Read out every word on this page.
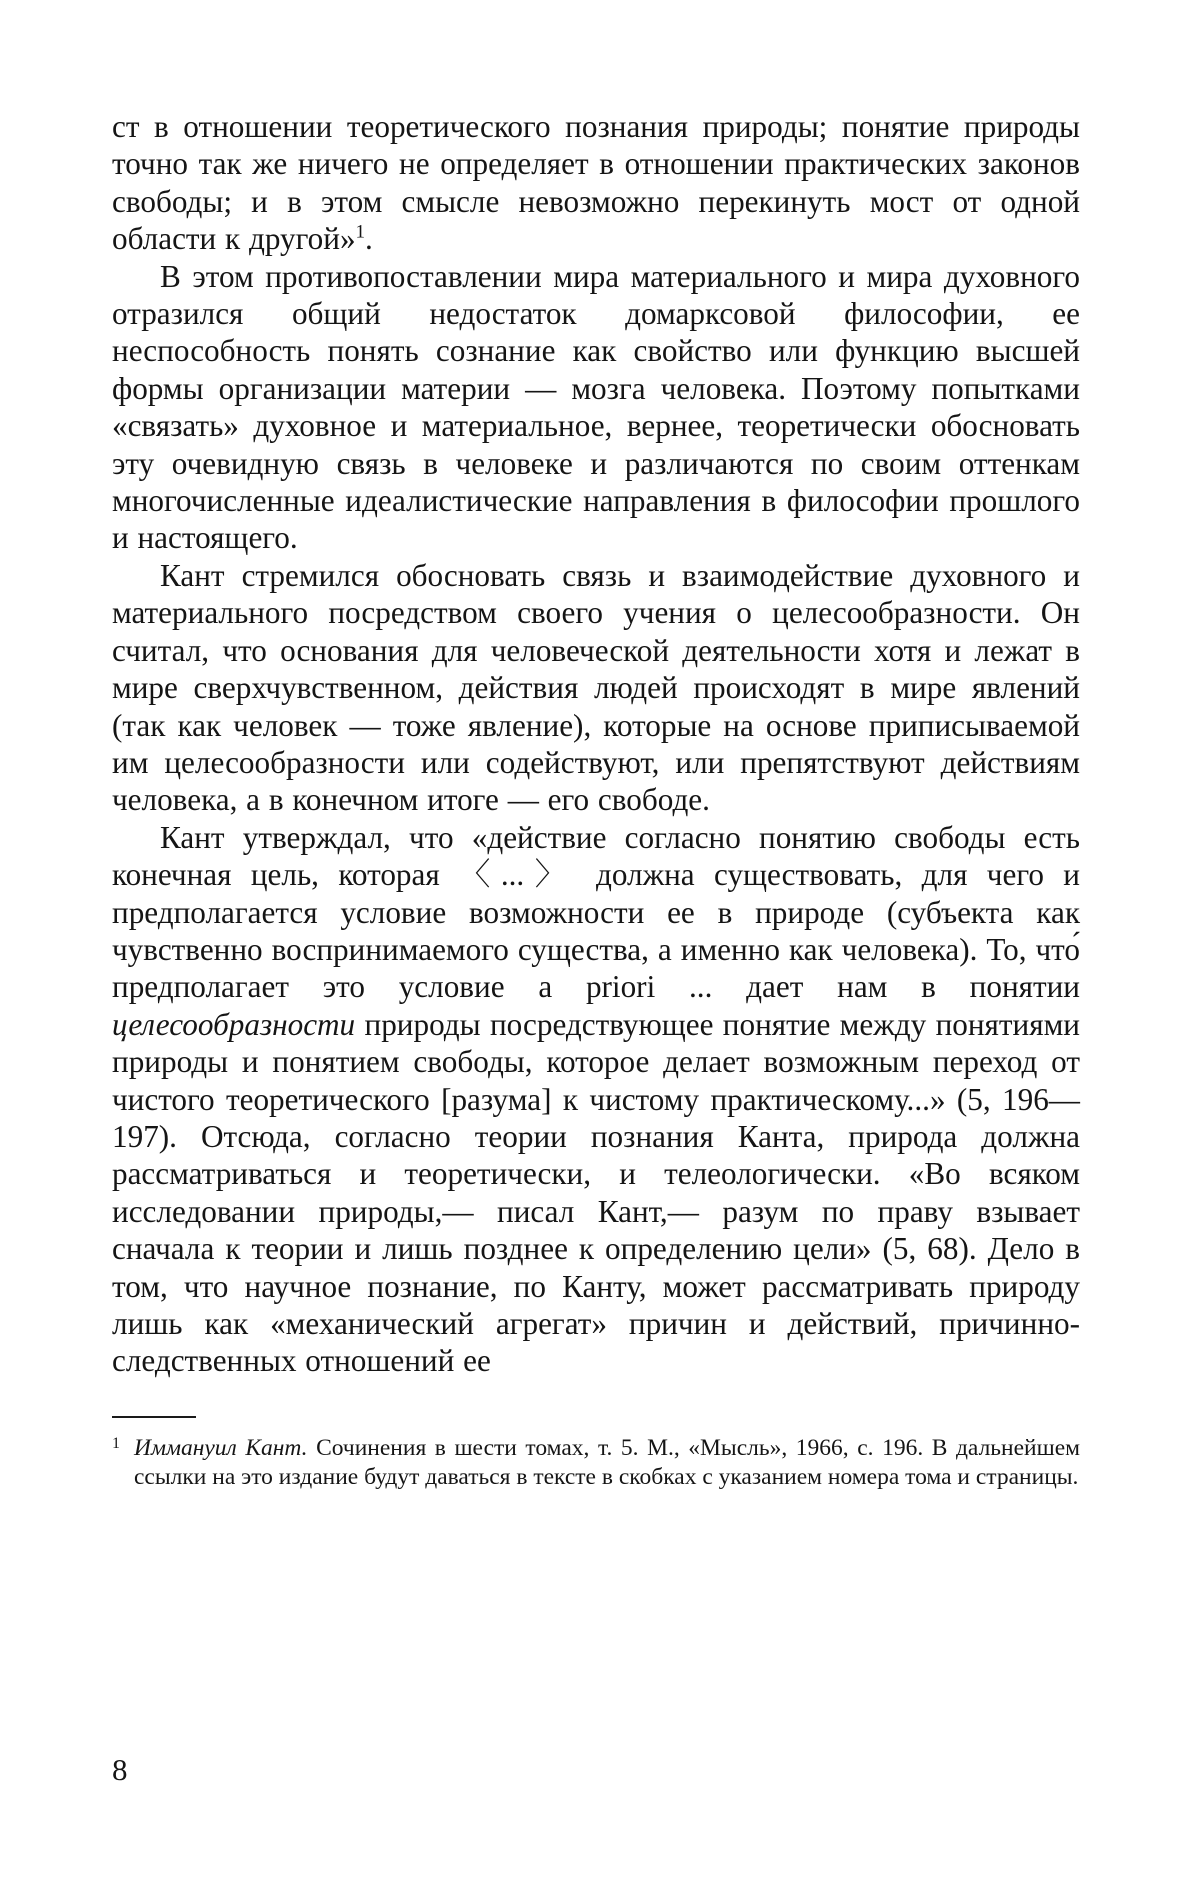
ст в отношении теоретического познания природы; понятие природы точно так же ничего не определяет в отношении практических законов свободы; и в этом смысле невозможно перекинуть мост от одной области к другой»$^1$.

В этом противопоставлении мира материального и мира духовного отразился общий недостаток домарксовой философии, ее неспособность понять сознание как свойство или функцию высшей формы организации материи — мозга человека. Поэтому попытками «связать» духовное и материальное, вернее, теоретически обосновать эту очевидную связь в человеке и различаются по своим оттенкам многочисленные идеалистические направления в философии прошлого и настоящего.

Кант стремился обосновать связь и взаимодействие духовного и материального посредством своего учения о целесообразности. Он считал, что основания для человеческой деятельности хотя и лежат в мире сверхчувственном, действия людей происходят в мире явлений (так как человек — тоже явление), которые на основе приписываемой им целесообразности или содействуют, или препятствуют действиям человека, а в конечном итоге — его свободе.

Кант утверждал, что «действие согласно понятию свободы есть конечная цель, которая 〈...〉 должна существовать, для чего и предполагается условие возможности ее в природе (субъекта как чувственно воспринимаемого существа, а именно как человека). То, что́ предполагает это условие a priori ... дает нам в понятии целесообразности природы посредствующее понятие между понятиями природы и понятием свободы, которое делает возможным переход от чистого теоретического [разума] к чистому практическому...» (5, 196—197). Отсюда, согласно теории познания Канта, природа должна рассматриваться и теоретически, и телеологически. «Во всяком исследовании природы,— писал Кант,— разум по праву взывает сначала к теории и лишь позднее к определению цели» (5, 68). Дело в том, что научное познание, по Канту, может рассматривать природу лишь как «механический агрегат» причин и действий, причинно-следственных отношений ее

1 Иммануил Кант. Сочинения в шести томах, т. 5. М., «Мысль», 1966, с. 196. В дальнейшем ссылки на это издание будут даваться в тексте в скобках с указанием номера тома и страницы.
8
